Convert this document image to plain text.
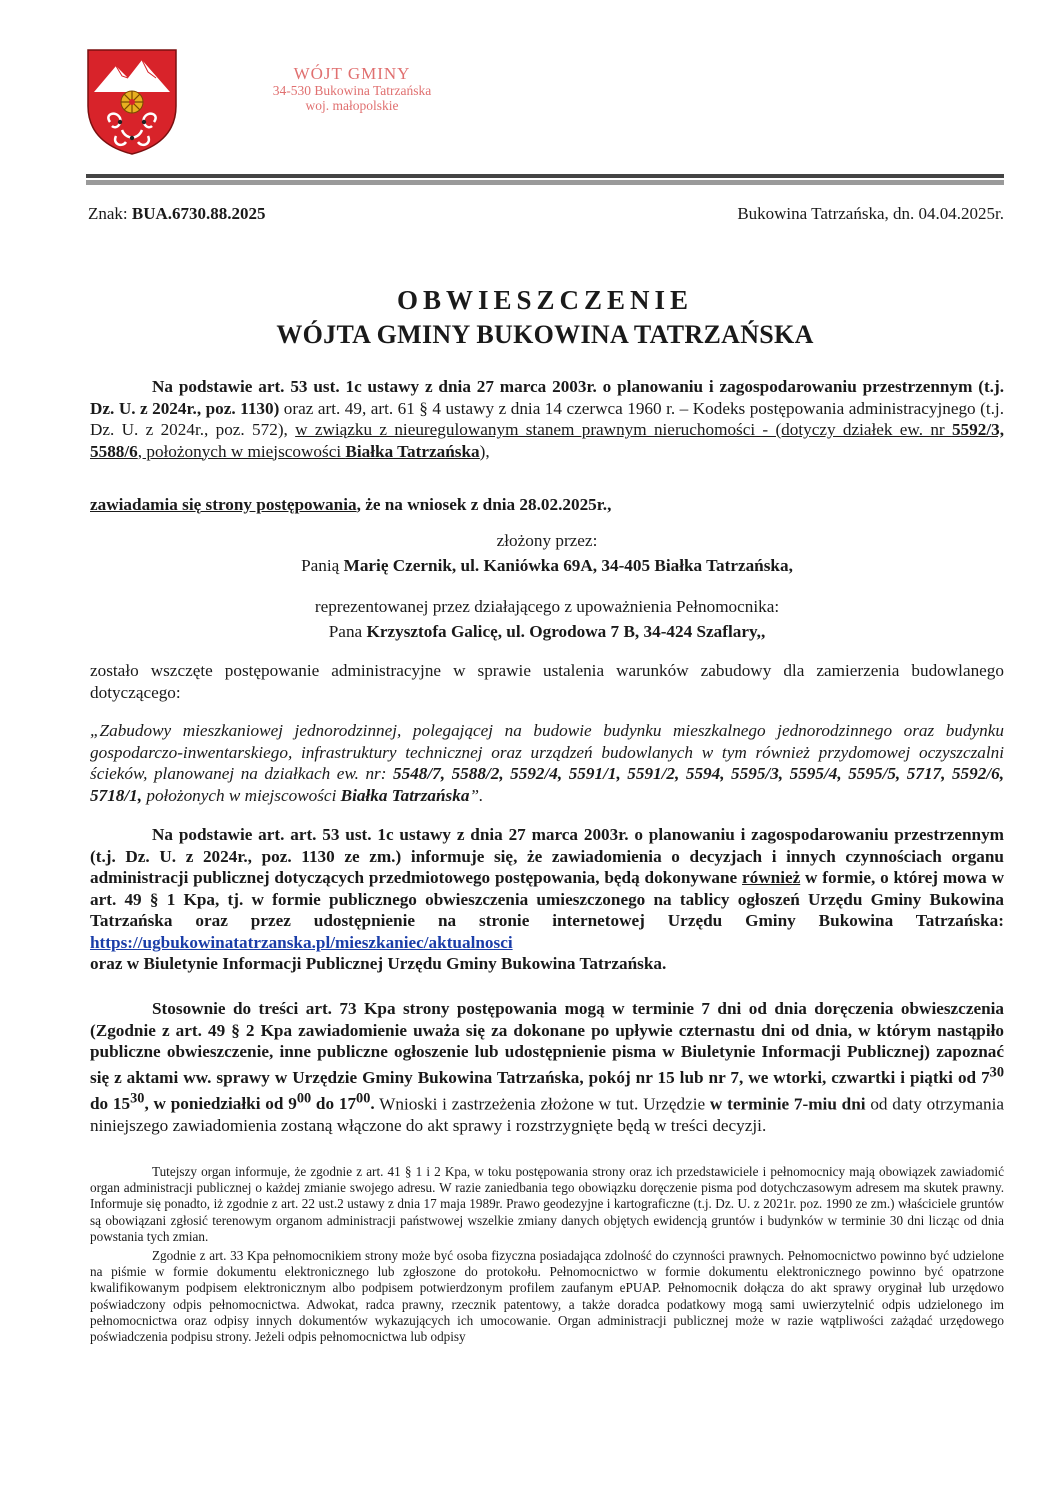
WÓJT GMINY
34-530 Bukowina Tatrzańska
woj. małopolskie
Znak: BUA.6730.88.2025	Bukowina Tatrzańska, dn. 04.04.2025r.
OBWIESZCZENIE
WÓJTA GMINY BUKOWINA TATRZAŃSKA
Na podstawie art. 53 ust. 1c ustawy z dnia 27 marca 2003r. o planowaniu i zagospodarowaniu przestrzennym (t.j. Dz. U. z 2024r., poz. 1130) oraz art. 49, art. 61 § 4 ustawy z dnia 14 czerwca 1960 r. – Kodeks postępowania administracyjnego (t.j. Dz. U. z 2024r., poz. 572), w związku z nieuregulowanym stanem prawnym nieruchomości - (dotyczy działek ew. nr 5592/3, 5588/6, położonych w miejscowości Białka Tatrzańska),
zawiadamia się strony postępowania, że na wniosek z dnia 28.02.2025r.,
złożony przez:
Panią Marię Czernik, ul. Kaniówka 69A, 34-405 Białka Tatrzańska,
reprezentowanej przez działającego z upoważnienia Pełnomocnika:
Pana Krzysztofa Galicę, ul. Ogrodowa 7 B, 34-424 Szaflary,,
zostało wszczęte postępowanie administracyjne w sprawie ustalenia warunków zabudowy dla zamierzenia budowlanego dotyczącego:
„Zabudowy mieszkaniowej jednorodzinnej, polegającej na budowie budynku mieszkalnego jednorodzinnego oraz budynku gospodarczo-inwentarskiego, infrastruktury technicznej oraz urządzeń budowlanych w tym również przydomowej oczyszczalni ścieków, planowanej na działkach ew. nr: 5548/7, 5588/2, 5592/4, 5591/1, 5591/2, 5594, 5595/3, 5595/4, 5595/5, 5717, 5592/6, 5718/1, położonych w miejscowości Białka Tatrzańska”.
Na podstawie art. art. 53 ust. 1c ustawy z dnia 27 marca 2003r. o planowaniu i zagospodarowaniu przestrzennym (t.j. Dz. U. z 2024r., poz. 1130 ze zm.) informuje się, że zawiadomienia o decyzjach i innych czynnościach organu administracji publicznej dotyczących przedmiotowego postępowania, będą dokonywane również w formie, o której mowa w art. 49 § 1 Kpa, tj. w formie publicznego obwieszczenia umieszczonego na tablicy ogłoszeń Urzędu Gminy Bukowina Tatrzańska oraz przez udostępnienie na stronie internetowej Urzędu Gminy Bukowina Tatrzańska: https://ugbukowinatatrzanska.pl/mieszkaniec/aktualnosci
oraz w Biuletynie Informacji Publicznej Urzędu Gminy Bukowina Tatrzańska.
Stosownie do treści art. 73 Kpa strony postępowania mogą w terminie 7 dni od dnia doręczenia obwieszczenia (Zgodnie z art. 49 § 2 Kpa zawiadomienie uważa się za dokonane po upływie czternastu dni od dnia, w którym nastąpiło publiczne obwieszczenie, inne publiczne ogłoszenie lub udostępnienie pisma w Biuletynie Informacji Publicznej) zapoznać się z aktami ww. sprawy w Urzędzie Gminy Bukowina Tatrzańska, pokój nr 15 lub nr 7, we wtorki, czwartki i piątki od $7^{30}$ do $15^{30}$, w poniedziałki od $9^{00}$ do $17^{00}$. Wnioski i zastrzeżenia złożone w tut. Urzędzie w terminie 7-miu dni od daty otrzymania niniejszego zawiadomienia zostaną włączone do akt sprawy i rozstrzygnięte będą w treści decyzji.
Tutejszy organ informuje, że zgodnie z art. 41 § 1 i 2 Kpa, w toku postępowania strony oraz ich przedstawiciele i pełnomocnicy mają obowiązek zawiadomić organ administracji publicznej o każdej zmianie swojego adresu. W razie zaniedbania tego obowiązku doręczenie pisma pod dotychczasowym adresem ma skutek prawny. Informuje się ponadto, iż zgodnie z art. 22 ust.2 ustawy z dnia 17 maja 1989r. Prawo geodezyjne i kartograficzne (t.j. Dz. U. z 2021r. poz. 1990 ze zm.) właściciele gruntów są obowiązani zgłosić terenowym organom administracji państwowej wszelkie zmiany danych objętych ewidencją gruntów i budynków w terminie 30 dni licząc od dnia powstania tych zmian.
Zgodnie z art. 33 Kpa pełnomocnikiem strony może być osoba fizyczna posiadająca zdolność do czynności prawnych. Pełnomocnictwo powinno być udzielone na piśmie w formie dokumentu elektronicznego lub zgłoszone do protokołu. Pełnomocnictwo w formie dokumentu elektronicznego powinno być opatrzone kwalifikowanym podpisem elektronicznym albo podpisem potwierdzonym profilem zaufanym ePUAP. Pełnomocnik dołącza do akt sprawy oryginał lub urzędowo poświadczony odpis pełnomocnictwa. Adwokat, radca prawny, rzecznik patentowy, a także doradca podatkowy mogą sami uwierzytelnić odpis udzielonego im pełnomocnictwa oraz odpisy innych dokumentów wykazujących ich umocowanie. Organ administracji publicznej może w razie wątpliwości zażądać urzędowego poświadczenia podpisu strony. Jeżeli odpis pełnomocnictwa lub odpisy
